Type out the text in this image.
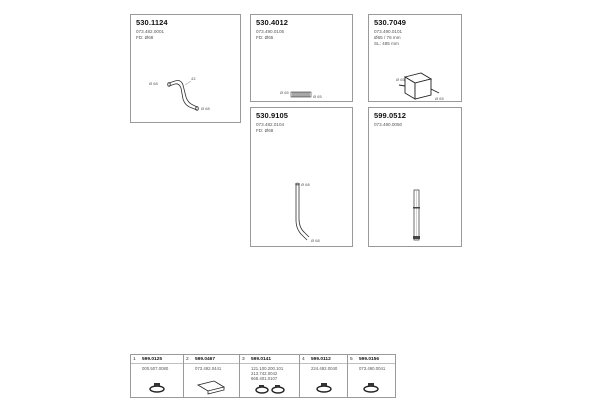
530.1124
073.482.0001
FD: Ø68
43
Ø 68
Ø 68
530.4012
073.490.0105
FD: Ø65
Ø 65
Ø 65
530.7049
073.490.0101
Ø65 / 76 mm
SL: 485 mm
Ø 65
Ø 65
530.9105
073.482.0104
FD: Ø68
Ø 68
Ø 68
599.0512
073.490.0050
1 599.0125
000.507.0080
2 599.0467
073.492.0441
3 599.0141
121.100.200.101
213.742.0042
668.401.0107
4 599.0112
224.492.0040
5 599.0156
073.490.0041
